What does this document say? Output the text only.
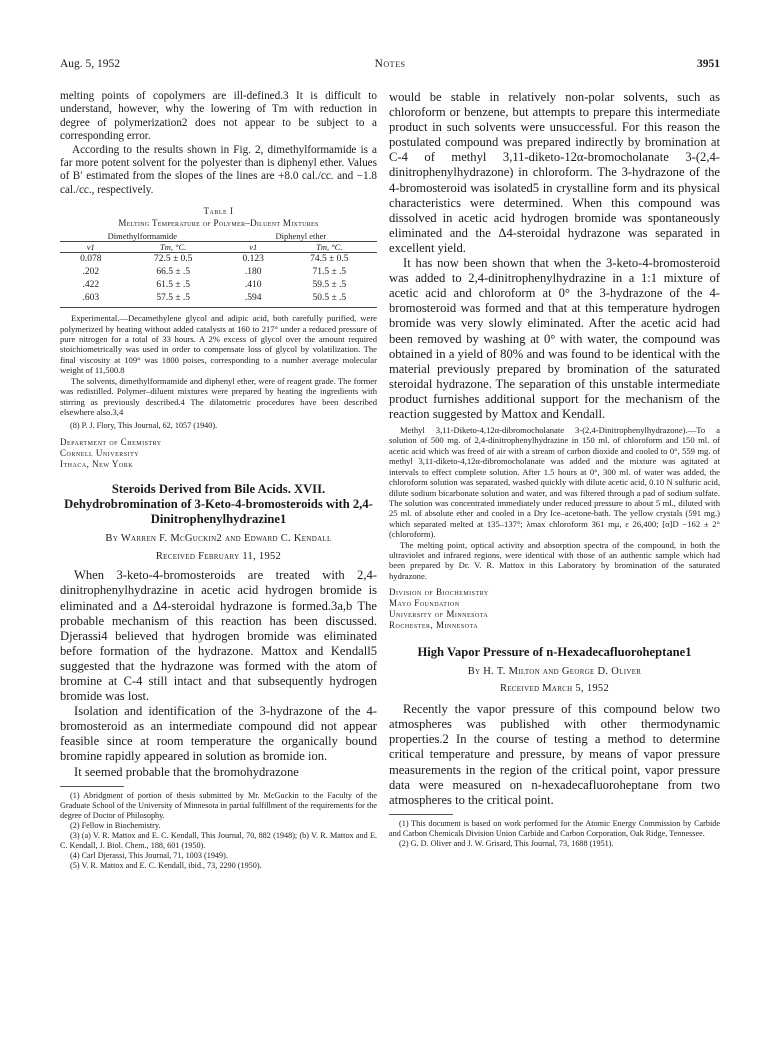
Aug. 5, 1952	Notes	3951

melting points of copolymers are ill-defined.3 It is difficult to understand, however, why the lowering of Tm with reduction in degree of polymerization2 does not appear to be subject to a corresponding error.

According to the results shown in Fig. 2, dimethylformamide is a far more potent solvent for the polyester than is diphenyl ether. Values of B′ estimated from the slopes of the lines are +8.0 cal./cc. and −1.8 cal./cc., respectively.

Table I
Melting Temperature of Polymer–Diluent Mixtures
Dimethylformamide		Diphenyl ether	
v1	Tm, °C.	v1	Tm, °C.
0.078	72.5 ± 0.5	0.123	74.5 ± 0.5
.202	66.5 ± .5	.180	71.5 ± .5
.422	61.5 ± .5	.410	59.5 ± .5
.603	57.5 ± .5	.594	50.5 ± .5

Experimental.—Decamethylene glycol and adipic acid, both carefully purified, were polymerized by heating without added catalysts at 160 to 217° under a reduced pressure of pure nitrogen for a total of 33 hours. A 2% excess of glycol over the amount required stoichiometrically was used in order to compensate loss of glycol by volatilization. The final viscosity at 109° was 1800 poises, corresponding to a number average molecular weight of 11,500.8

The solvents, dimethylformamide and diphenyl ether, were of reagent grade. The former was redistilled. Polymer–diluent mixtures were prepared by heating the ingredients with stirring as previously described.4 The dilatometric procedures have been described elsewhere also.3,4

(8) P. J. Flory, This Journal, 62, 1057 (1940).

Department of Chemistry
Cornell University
Ithaca, New York
Steroids Derived from Bile Acids. XVII. Dehydrobromination of 3-Keto-4-bromosteroids with 2,4-Dinitrophenylhydrazine1
By Warren F. McGuckin2 and Edward C. Kendall
Received February 11, 1952

When 3-keto-4-bromosteroids are treated with 2,4-dinitrophenylhydrazine in acetic acid hydrogen bromide is eliminated and a Δ4-steroidal hydrazone is formed.3a,b The probable mechanism of this reaction has been discussed. Djerassi4 believed that hydrogen bromide was eliminated before formation of the hydrazone. Mattox and Kendall5 suggested that the hydrazone was formed with the atom of bromine at C-4 still intact and that subsequently hydrogen bromide was lost.

Isolation and identification of the 3-hydrazone of the 4-bromosteroid as an intermediate compound did not appear feasible since at room temperature the organically bound bromine rapidly appeared in solution as bromide ion.

It seemed probable that the bromohydrazone

(1) Abridgment of portion of thesis submitted by Mr. McGuckin to the Faculty of the Graduate School of the University of Minnesota in partial fulfillment of the requirements for the degree of Doctor of Philosophy.

(2) Fellow in Biochemistry.

(3) (a) V. R. Mattox and E. C. Kendall, This Journal, 70, 882 (1948); (b) V. R. Mattox and E. C. Kendall, J. Biol. Chem., 188, 601 (1950).

(4) Carl Djerassi, This Journal, 71, 1003 (1949).

(5) V. R. Mattox and E. C. Kendall, ibid., 73, 2290 (1950).

would be stable in relatively non-polar solvents, such as chloroform or benzene, but attempts to prepare this intermediate product in such solvents were unsuccessful. For this reason the postulated compound was prepared indirectly by bromination at C-4 of methyl 3,11-diketo-12α-bromocholanate 3-(2,4-dinitrophenylhydrazone) in chloroform. The 3-hydrazone of the 4-bromosteroid was isolated5 in crystalline form and its physical characteristics were determined. When this compound was dissolved in acetic acid hydrogen bromide was spontaneously eliminated and the Δ4-steroidal hydrazone was separated in excellent yield.

It has now been shown that when the 3-keto-4-bromosteroid was added to 2,4-dinitrophenylhydrazine in a 1:1 mixture of acetic acid and chloroform at 0° the 3-hydrazone of the 4-bromosteroid was formed and that at this temperature hydrogen bromide was very slowly eliminated. After the acetic acid had been removed by washing at 0° with water, the compound was obtained in a yield of 80% and was found to be identical with the material previously prepared by bromination of the saturated steroidal hydrazone. The separation of this unstable intermediate product furnishes additional support for the mechanism of the reaction suggested by Mattox and Kendall.

Methyl 3,11-Diketo-4,12α-dibromocholanate 3-(2,4-Dinitrophenylhydrazone).—To a solution of 500 mg. of 2,4-dinitrophenylhydrazine in 150 ml. of chloroform and 150 ml. of acetic acid which was freed of air with a stream of carbon dioxide and cooled to 0°, 559 mg. of methyl 3,11-diketo-4,12α-dibromocholanate was added and the mixture was agitated at intervals to effect complete solution. After 1.5 hours at 0°, 300 ml. of water was added, the chloroform solution was separated, washed quickly with dilute acetic acid, 0.10 N sulfuric acid, dilute sodium bicarbonate solution and water, and was filtered through a pad of sodium sulfate. The solution was concentrated immediately under reduced pressure to about 5 ml., diluted with 25 ml. of absolute ether and cooled in a Dry Ice–acetone-bath. The yellow crystals (591 mg.) which separated melted at 135–137°; λmax chloroform 361 mμ, ε 26,400; [α]D −162 ± 2° (chloroform).

The melting point, optical activity and absorption spectra of the compound, in both the ultraviolet and infrared regions, were identical with those of an authentic sample which had been prepared by Dr. V. R. Mattox in this Laboratory by bromination of the saturated hydrazone.

Division of Biochemistry
Mayo Foundation
University of Minnesota
Rochester, Minnesota
High Vapor Pressure of n-Hexadecafluoroheptane1
By H. T. Milton and George D. Oliver
Received March 5, 1952

Recently the vapor pressure of this compound below two atmospheres was published with other thermodynamic properties.2 In the course of testing a method to determine critical temperature and pressure, by means of vapor pressure measurements in the region of the critical point, vapor pressure data were measured on n-hexadecafluoroheptane from two atmospheres to the critical point.

(1) This document is based on work performed for the Atomic Energy Commission by Carbide and Carbon Chemicals Division Union Carbide and Carbon Corporation, Oak Ridge, Tennessee.

(2) G. D. Oliver and J. W. Grisard, This Journal, 73, 1688 (1951).
